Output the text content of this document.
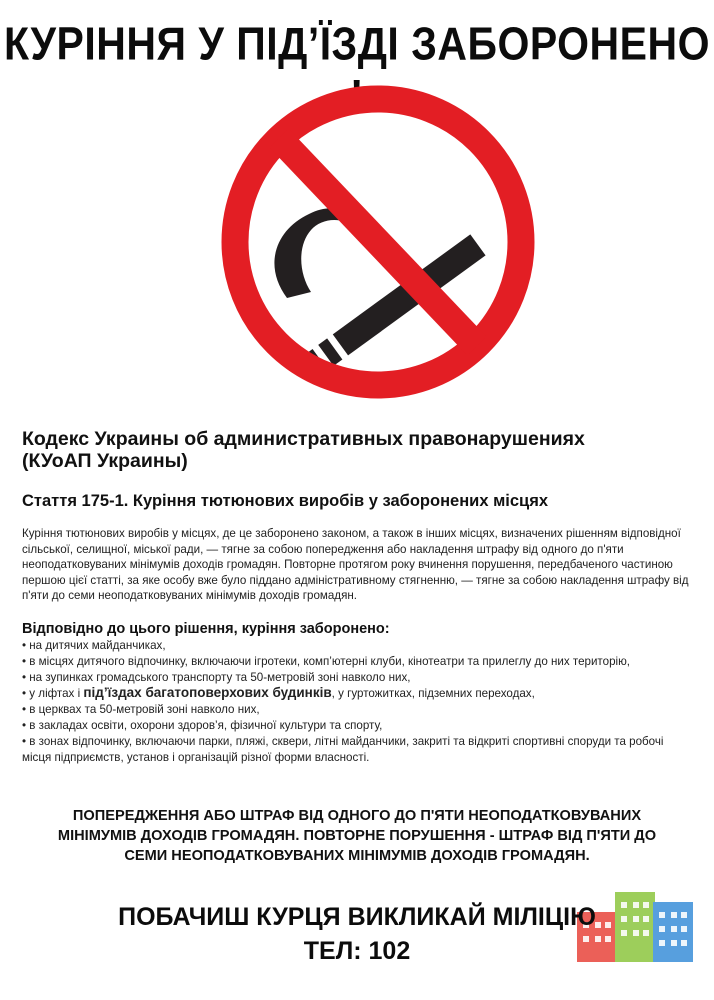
КУРІННЯ У ПІД’ЇЗДІ ЗАБОРОНЕНО !
Кодекс Украины об административных правонарушениях
(КУоАП Украины)
Стаття 175-1. Куріння тютюнових виробів у заборонених місцях
Куріння тютюнових виробів у місцях, де це заборонено законом, а також в інших місцях, визначених рішенням відповідної сільської, селищної, міської ради, — тягне за собою попередження або накладення штрафу від одного до п'яти неоподатковуваних мінімумів доходів громадян. Повторне протягом року вчинення порушення, передбаченого частиною першою цієї статті, за яке особу вже було піддано адміністративному стягненню, — тягне за собою накладення штрафу від п'яти до семи неоподатковуваних мінімумів доходів громадян.
Відповідно до цього рішення, куріння заборонено:
• на дитячих майданчиках,
• в місцях дитячого відпочинку, включаючи ігротеки, комп’ютерні клуби, кінотеатри та прилеглу до них територію,
• на зупинках громадського транспорту та 50-метровій зоні навколо них,
• у ліфтах і під’їздах багатоповерхових будинків, у гуртожитках, підземних переходах,
• в церквах та 50-метровій зоні навколо них,
• в закладах освіти, охорони здоров’я, фізичної культури та спорту,
• в зонах відпочинку, включаючи парки, пляжі, сквери, літні майданчики, закриті та відкриті спортивні споруди та робочі місця підприємств, установ і організацій різної форми власності.
ПОПЕРЕДЖЕННЯ АБО ШТРАФ ВІД ОДНОГО ДО П'ЯТИ НЕОПОДАТКОВУВАНИХ
МІНІМУМІВ ДОХОДІВ ГРОМАДЯН. ПОВТОРНЕ ПОРУШЕННЯ - ШТРАФ ВІД П'ЯТИ ДО
СЕМИ НЕОПОДАТКОВУВАНИХ МІНІМУМІВ ДОХОДІВ ГРОМАДЯН.
ПОБАЧИШ КУРЦЯ ВИКЛИКАЙ МІЛІЦІЮ
ТЕЛ: 102
